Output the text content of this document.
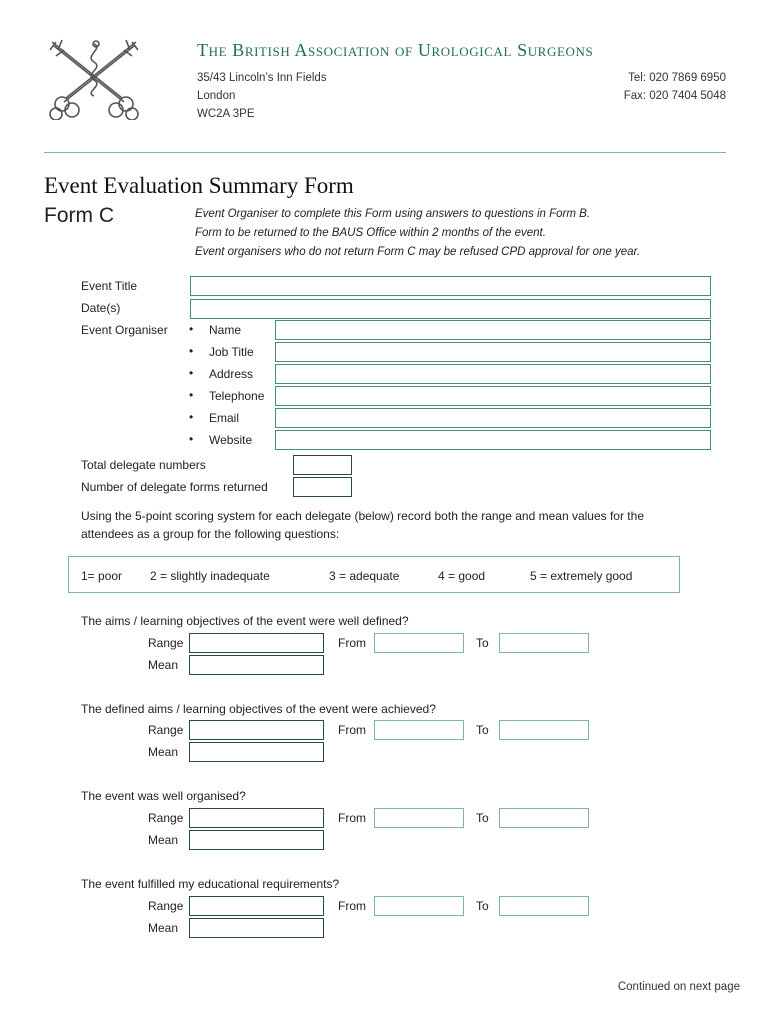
The British Association of Urological Surgeons
35/43 Lincoln’s Inn Fields
London
WC2A 3PE
Tel: 020 7869 6950
Fax: 020 7404 5048
Event Evaluation Summary Form
Form C	Event Organiser to complete this Form using answers to questions in Form B.
Form to be returned to the BAUS Office within 2 months of the event.
Event organisers who do not return Form C may be refused CPD approval for one year.
Event Title
Date(s)
Event Organiser • Name
• Job Title
• Address
• Telephone
• Email
• Website
Total delegate numbers
Number of delegate forms returned
Using the 5-point scoring system for each delegate (below) record both the range and mean values for the
attendees as a group for the following questions:
1= poor 2 = slightly inadequate	3 = adequate	4 = good	5 = extremely good
The aims / learning objectives of the event were well defined?
Range	From	To
Mean
The defined aims / learning objectives of the event were achieved?
Range	From	To
Mean
The event was well organised?
Range	From	To
Mean
The event fulfilled my educational requirements?
Range	From	To
Mean
Continued on next page
